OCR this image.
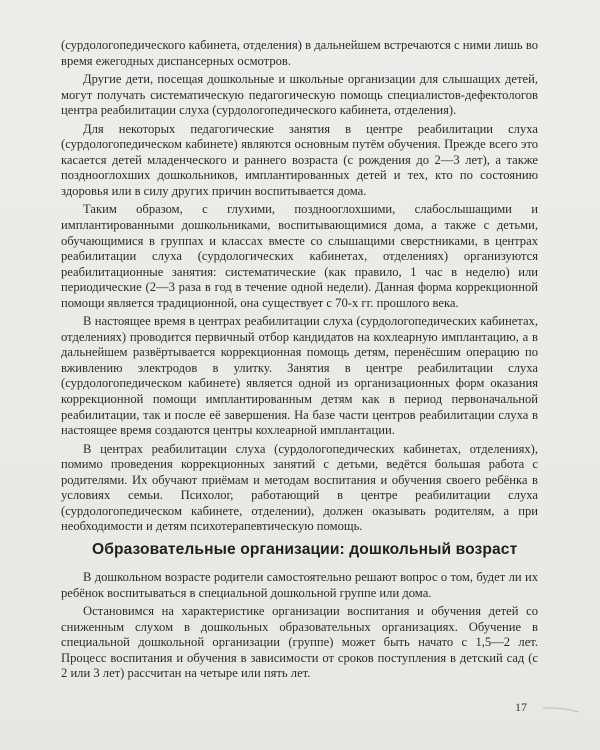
(сурдологопедического кабинета, отделения) в дальнейшем встречаются с ними лишь во время ежегодных диспансерных осмотров.

Другие дети, посещая дошкольные и школьные организации для слышащих детей, могут получать систематическую педагогическую помощь специалистов-дефектологов центра реабилитации слуха (сурдологопедического кабинета, отделения).

Для некоторых педагогические занятия в центре реабилитации слуха (сурдологопедическом кабинете) являются основным путём обучения. Прежде всего это касается детей младенческого и раннего возраста (с рождения до 2—3 лет), а также позднооглохших дошкольников, имплантированных детей и тех, кто по состоянию здоровья или в силу других причин воспитывается дома.

Таким образом, с глухими, позднооглохшими, слабослышащими и имплантированными дошкольниками, воспитывающимися дома, а также с детьми, обучающимися в группах и классах вместе со слышащими сверстниками, в центрах реабилитации слуха (сурдологических кабинетах, отделениях) организуются реабилитационные занятия: систематические (как правило, 1 час в неделю) или периодические (2—3 раза в год в течение одной недели). Данная форма коррекционной помощи является традиционной, она существует с 70-х гг. прошлого века.

В настоящее время в центрах реабилитации слуха (сурдологопедических кабинетах, отделениях) проводится первичный отбор кандидатов на кохлеарную имплантацию, а в дальнейшем развёртывается коррекционная помощь детям, перенёсшим операцию по вживлению электродов в улитку. Занятия в центре реабилитации слуха (сурдологопедическом кабинете) является одной из организационных форм оказания коррекционной помощи имплантированным детям как в период первоначальной реабилитации, так и после её завершения. На базе части центров реабилитации слуха в настоящее время создаются центры кохлеарной имплантации.

В центрах реабилитации слуха (сурдологопедических кабинетах, отделениях), помимо проведения коррекционных занятий с детьми, ведётся большая работа с родителями. Их обучают приёмам и методам воспитания и обучения своего ребёнка в условиях семьи. Психолог, работающий в центре реабилитации слуха (сурдологопедическом кабинете, отделении), должен оказывать родителям, а при необходимости и детям психотерапевтическую помощь.

Образовательные организации: дошкольный возраст

В дошкольном возрасте родители самостоятельно решают вопрос о том, будет ли их ребёнок воспитываться в специальной дошкольной группе или дома.

Остановимся на характеристике организации воспитания и обучения детей со сниженным слухом в дошкольных образовательных организациях. Обучение в специальной дошкольной организации (группе) может быть начато с 1,5—2 лет. Процесс воспитания и обучения в зависимости от сроков поступления в детский сад (с 2 или 3 лет) рассчитан на четыре или пять лет.

17
